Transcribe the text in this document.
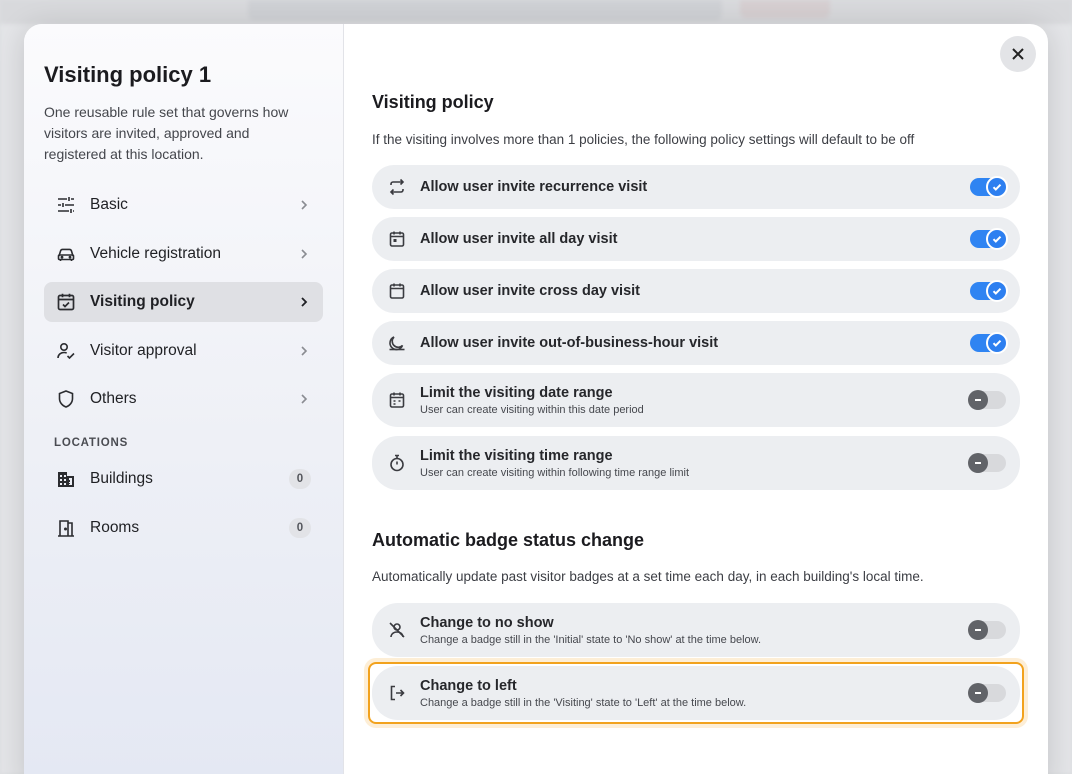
Visiting policy 1
One reusable rule set that governs how visitors are invited, approved and registered at this location.
Basic
Vehicle registration
Visiting policy
Visitor approval
Others
LOCATIONS
Buildings	0
Rooms	0
Visiting policy
If the visiting involves more than 1 policies, the following policy settings will default to be off
Allow user invite recurrence visit
Allow user invite all day visit
Allow user invite cross day visit
Allow user invite out-of-business-hour visit
Limit the visiting date range
User can create visiting within this date period
Limit the visiting time range
User can create visiting within following time range limit
Automatic badge status change
Automatically update past visitor badges at a set time each day, in each building's local time.
Change to no show
Change a badge still in the 'Initial' state to 'No show' at the time below.
Change to left
Change a badge still in the 'Visiting' state to 'Left' at the time below.
